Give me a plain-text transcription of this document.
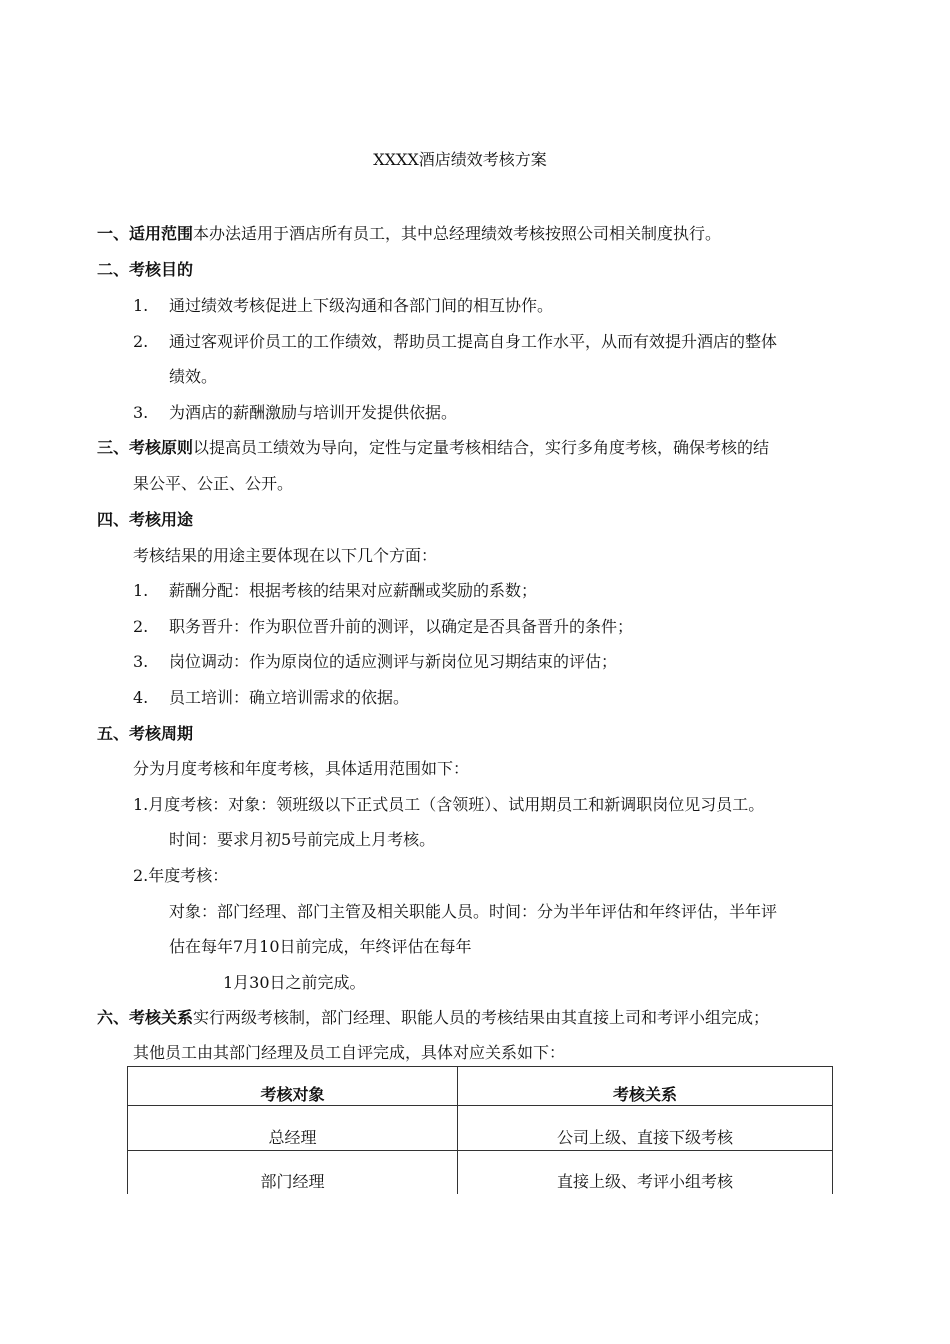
XXXX酒店绩效考核方案
一、适用范围本办法适用于酒店所有员工，其中总经理绩效考核按照公司相关制度执行。
二、考核目的
1. 通过绩效考核促进上下级沟通和各部门间的相互协作。
2. 通过客观评价员工的工作绩效，帮助员工提高自身工作水平，从而有效提升酒店的整体
绩效。
3. 为酒店的薪酬激励与培训开发提供依据。
三、考核原则以提高员工绩效为导向，定性与定量考核相结合，实行多角度考核，确保考核的结
果公平、公正、公开。
四、考核用途
考核结果的用途主要体现在以下几个方面：
1. 薪酬分配：根据考核的结果对应薪酬或奖励的系数；
2. 职务晋升：作为职位晋升前的测评，以确定是否具备晋升的条件；
3. 岗位调动：作为原岗位的适应测评与新岗位见习期结束的评估；
4. 员工培训：确立培训需求的依据。
五、考核周期
分为月度考核和年度考核，具体适用范围如下：
1.月度考核：对象：领班级以下正式员工（含领班）、试用期员工和新调职岗位见习员工。
时间：要求月初5号前完成上月考核。
2.年度考核：
对象：部门经理、部门主管及相关职能人员。时间：分为半年评估和年终评估，半年评
估在每年7月10日前完成，年终评估在每年
1月30日之前完成。
六、考核关系实行两级考核制，部门经理、职能人员的考核结果由其直接上司和考评小组完成；
其他员工由其部门经理及员工自评完成，具体对应关系如下：
考核对象	考核关系
总经理	公司上级、直接下级考核
部门经理	直接上级、考评小组考核
